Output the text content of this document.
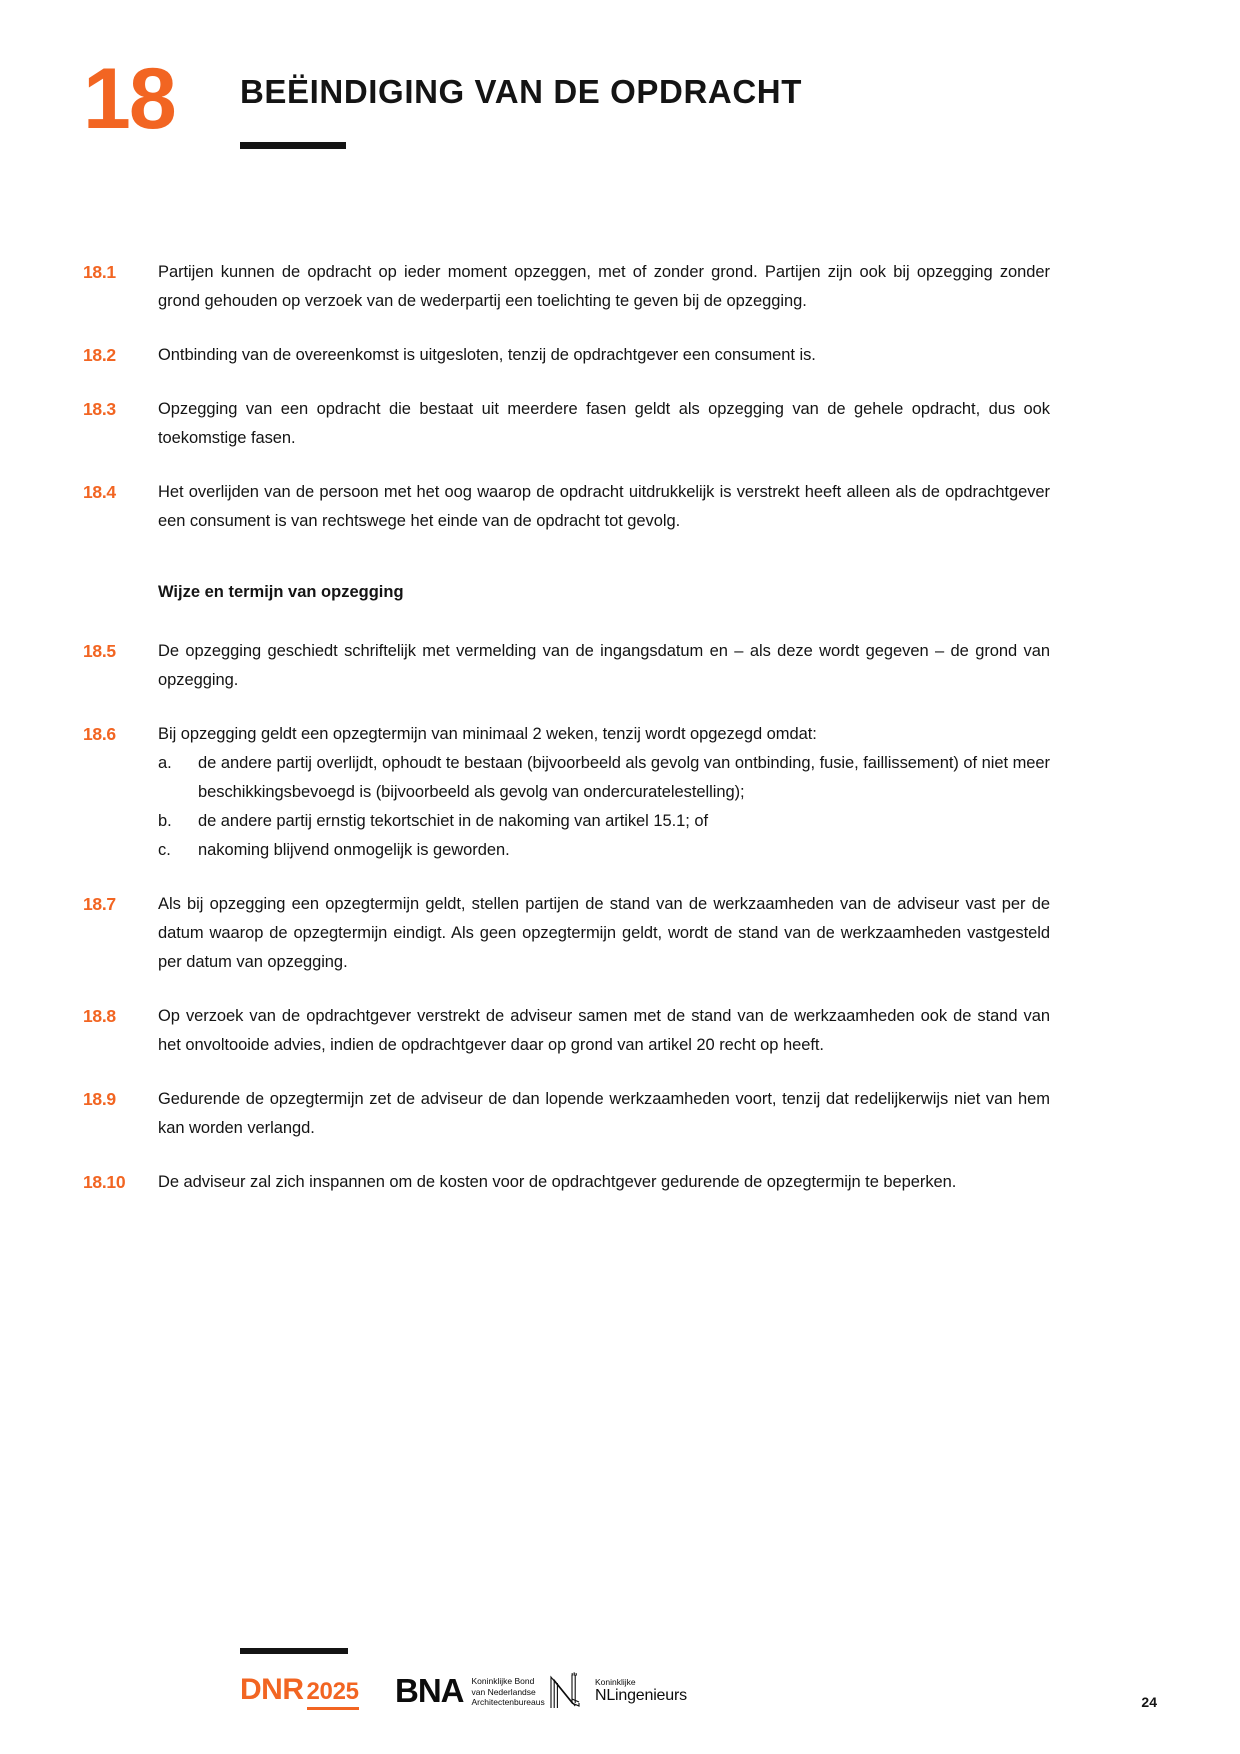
18 BEËINDIGING VAN DE OPDRACHT
18.1	Partijen kunnen de opdracht op ieder moment opzeggen, met of zonder grond. Partijen zijn ook bij opzegging zonder grond gehouden op verzoek van de wederpartij een toelichting te geven bij de opzegging.

18.2	Ontbinding van de overeenkomst is uitgesloten, tenzij de opdrachtgever een consument is.

18.3	Opzegging van een opdracht die bestaat uit meerdere fasen geldt als opzegging van de gehele opdracht, dus ook toekomstige fasen.

18.4	Het overlijden van de persoon met het oog waarop de opdracht uitdrukkelijk is verstrekt heeft alleen als de opdrachtgever een consument is van rechtswege het einde van de opdracht tot gevolg.

Wijze en termijn van opzegging
18.5	De opzegging geschiedt schriftelijk met vermelding van de ingangsdatum en – als deze wordt gegeven – de grond van opzegging.

18.6	Bij opzegging geldt een opzegtermijn van minimaal 2 weken, tenzij wordt opgezegd omdat:

a.	de andere partij overlijdt, ophoudt te bestaan (bijvoorbeeld als gevolg van ontbinding, fusie, faillissement) of niet meer beschikkingsbevoegd is (bijvoorbeeld als gevolg van ondercuratelestelling);
b.	de andere partij ernstig tekortschiet in de nakoming van artikel 15.1; of
c.	nakoming blijvend onmogelijk is geworden.
18.7	Als bij opzegging een opzegtermijn geldt, stellen partijen de stand van de werkzaamheden van de adviseur vast per de datum waarop de opzegtermijn eindigt. Als geen opzegtermijn geldt, wordt de stand van de werkzaamheden vastgesteld per datum van opzegging.

18.8	Op verzoek van de opdrachtgever verstrekt de adviseur samen met de stand van de werkzaamheden ook de stand van het onvoltooide advies, indien de opdrachtgever daar op grond van artikel 20 recht op heeft.

18.9	Gedurende de opzegtermijn zet de adviseur de dan lopende werkzaamheden voort, tenzij dat redelijkerwijs niet van hem kan worden verlangd.

18.10	De adviseur zal zich inspannen om de kosten voor de opdrachtgever gedurende de opzegtermijn te beperken.

DNR 2025 BNA Koninklijke Bond
van Nederlandse
Architectenbureaus
Koninklijke
NLingenieurs	24
